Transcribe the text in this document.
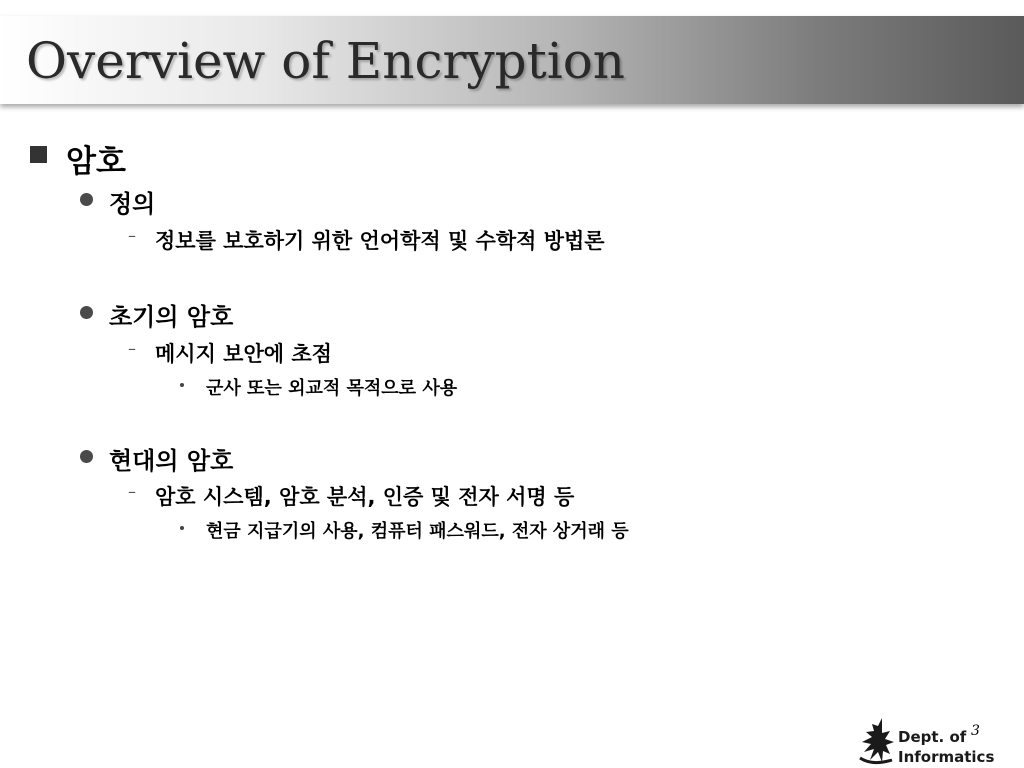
Overview of Encryption
암호
정의
– 정보를 보호하기 위한 언어학적 및 수학적 방법론
초기의 암호
– 메시지 보안에 초점
군사 또는 외교적 목적으로 사용
현대의 암호
– 암호 시스템, 암호 분석, 인증 및 전자 서명 등
현금 지급기의 사용, 컴퓨터 패스워드, 전자 상거래 등
Dept. of
Informatics
3
